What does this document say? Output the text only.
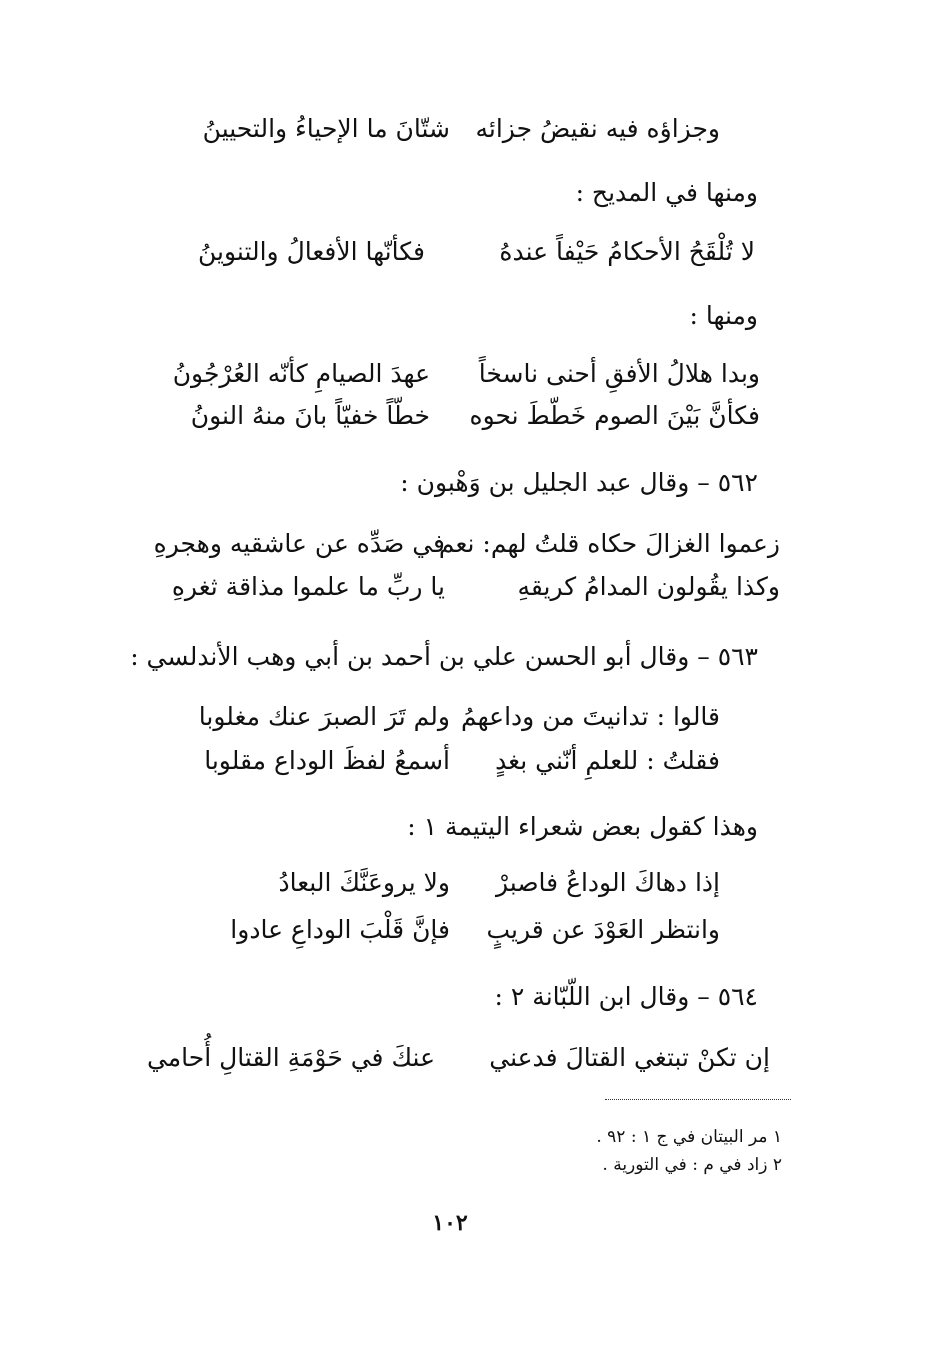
وجزاؤه فيه نقيضُ جزائه
شتّانَ ما الإحياءُ والتحيينُ
ومنها في المديح :
لا تُلْقَحُ الأحكامُ حَيْفاً عندهُ
فكأنّها الأفعالُ والتنوينُ
ومنها :
وبدا هلالُ الأفقِ أحنى ناسخاً
عهدَ الصيامِ كأنّه العُرْجُونُ
فكأنَّ بَيْنَ الصوم خَطّطَ نحوه
خطّاً خفيّاً بانَ منهُ النونُ
٥٦٢ – وقال عبد الجليل بن وَهْبون :
زعموا الغزالَ حكاه قلتُ لهم: نعم
في صَدِّه عن عاشقيه وهجرهِ
وكذا يقُولون المدامُ كريقهِ
يا ربِّ ما علموا مذاقة ثغرهِ
٥٦٣ – وقال أبو الحسن علي بن أحمد بن أبي وهب الأندلسي :
قالوا : تدانيتَ من وداعهمُ
ولم تَرَ الصبرَ عنك مغلوبا
فقلتُ : للعلمِ أنّني بغدٍ
أسمعُ لفظَ الوداع مقلوبا
وهذا كقول بعض شعراء اليتيمة ١ :
إذا دهاكَ الوداعُ فاصبرْ
ولا يروعَنَّكَ البعادُ
وانتظر العَوْدَ عن قريبٍ
فإنَّ قَلْبَ الوداعِ عادوا
٥٦٤ – وقال ابن اللّبّانة ٢ :
إن تكنْ تبتغي القتالَ فدعني
عنكَ في حَوْمَةِ القتالِ أُحامي
١ مر البيتان في ج ١ : ٩٢ .
٢ زاد في م : في التورية .
١٠٢
